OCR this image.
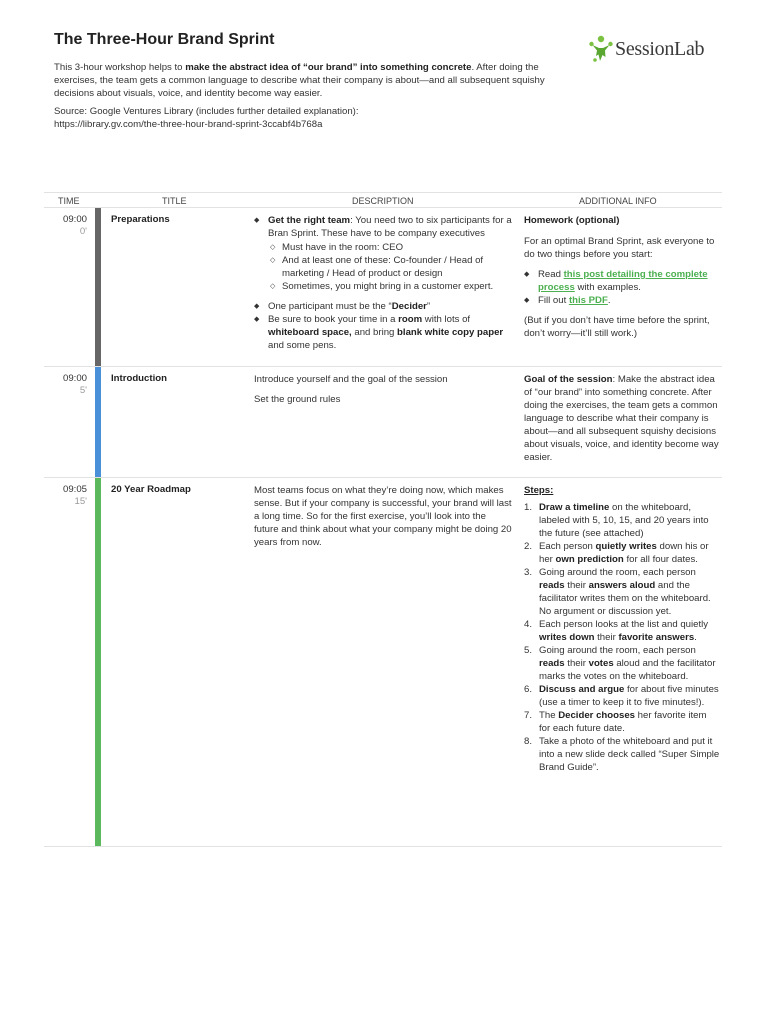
The Three-Hour Brand Sprint	SessionLab

This 3-hour workshop helps to make the abstract idea of “our brand” into something concrete. After doing the exercises, the team gets a common language to describe what their company is about—and all subsequent squishy decisions about visuals, voice, and identity become way easier.

Source: Google Ventures Library (includes further detailed explanation):
https://library.gv.com/the-three-hour-brand-sprint-3ccabf4b768a
TIME	TITLE	DESCRIPTION	ADDITIONAL INFO
09:00
0'
Preparations
◆	Get the right team: You need two to six participants for a Bran Sprint. These have to be company executives
◇ Must have in the room: CEO
◇ And at least one of these: Co-founder / Head of marketing / Head of product or design
◇ Sometimes, you might bring in a customer expert.
◆ One participant must be the “Decider”
◆ Be sure to book your time in a room with lots of whiteboard space, and bring blank white copy paper and some pens.

Homework (optional)

For an optimal Brand Sprint, ask everyone to do two things before you start:

◆ Read this post detailing the complete process with examples.
◆ Fill out this PDF.

(But if you don’t have time before the sprint, don’t worry—it’ll still work.)

09:00
5'
Introduction	Introduce yourself and the goal of the session

Set the ground rules

Goal of the session: Make the abstract idea of “our brand” into something concrete. After doing the exercises, the team gets a common language to describe what their company is about—and all subsequent squishy decisions about visuals, voice, and identity become way easier.
09:05
15'
20 Year Roadmap	Most teams focus on what they’re doing now, which makes sense. But if your company is successful, your brand will last a long time. So for the first exercise, you’ll look into the future and think about what your company might be doing 20 years from now.

Steps:
1. Draw a timeline on the whiteboard, labeled with 5, 10, 15, and 20 years into the future (see attached)
2. Each person quietly writes down his or her own prediction for all four dates.
3. Going around the room, each person reads their answers aloud and the facilitator writes them on the whiteboard. No argument or discussion yet.
4. Each person looks at the list and quietly writes down their favorite answers.
5. Going around the room, each person reads their votes aloud and the facilitator marks the votes on the whiteboard.
6. Discuss and argue for about five minutes (use a timer to keep it to five minutes!).
7. The Decider chooses her favorite item for each future date.
8. Take a photo of the whiteboard and put it into a new slide deck called “Super Simple Brand Guide”.
